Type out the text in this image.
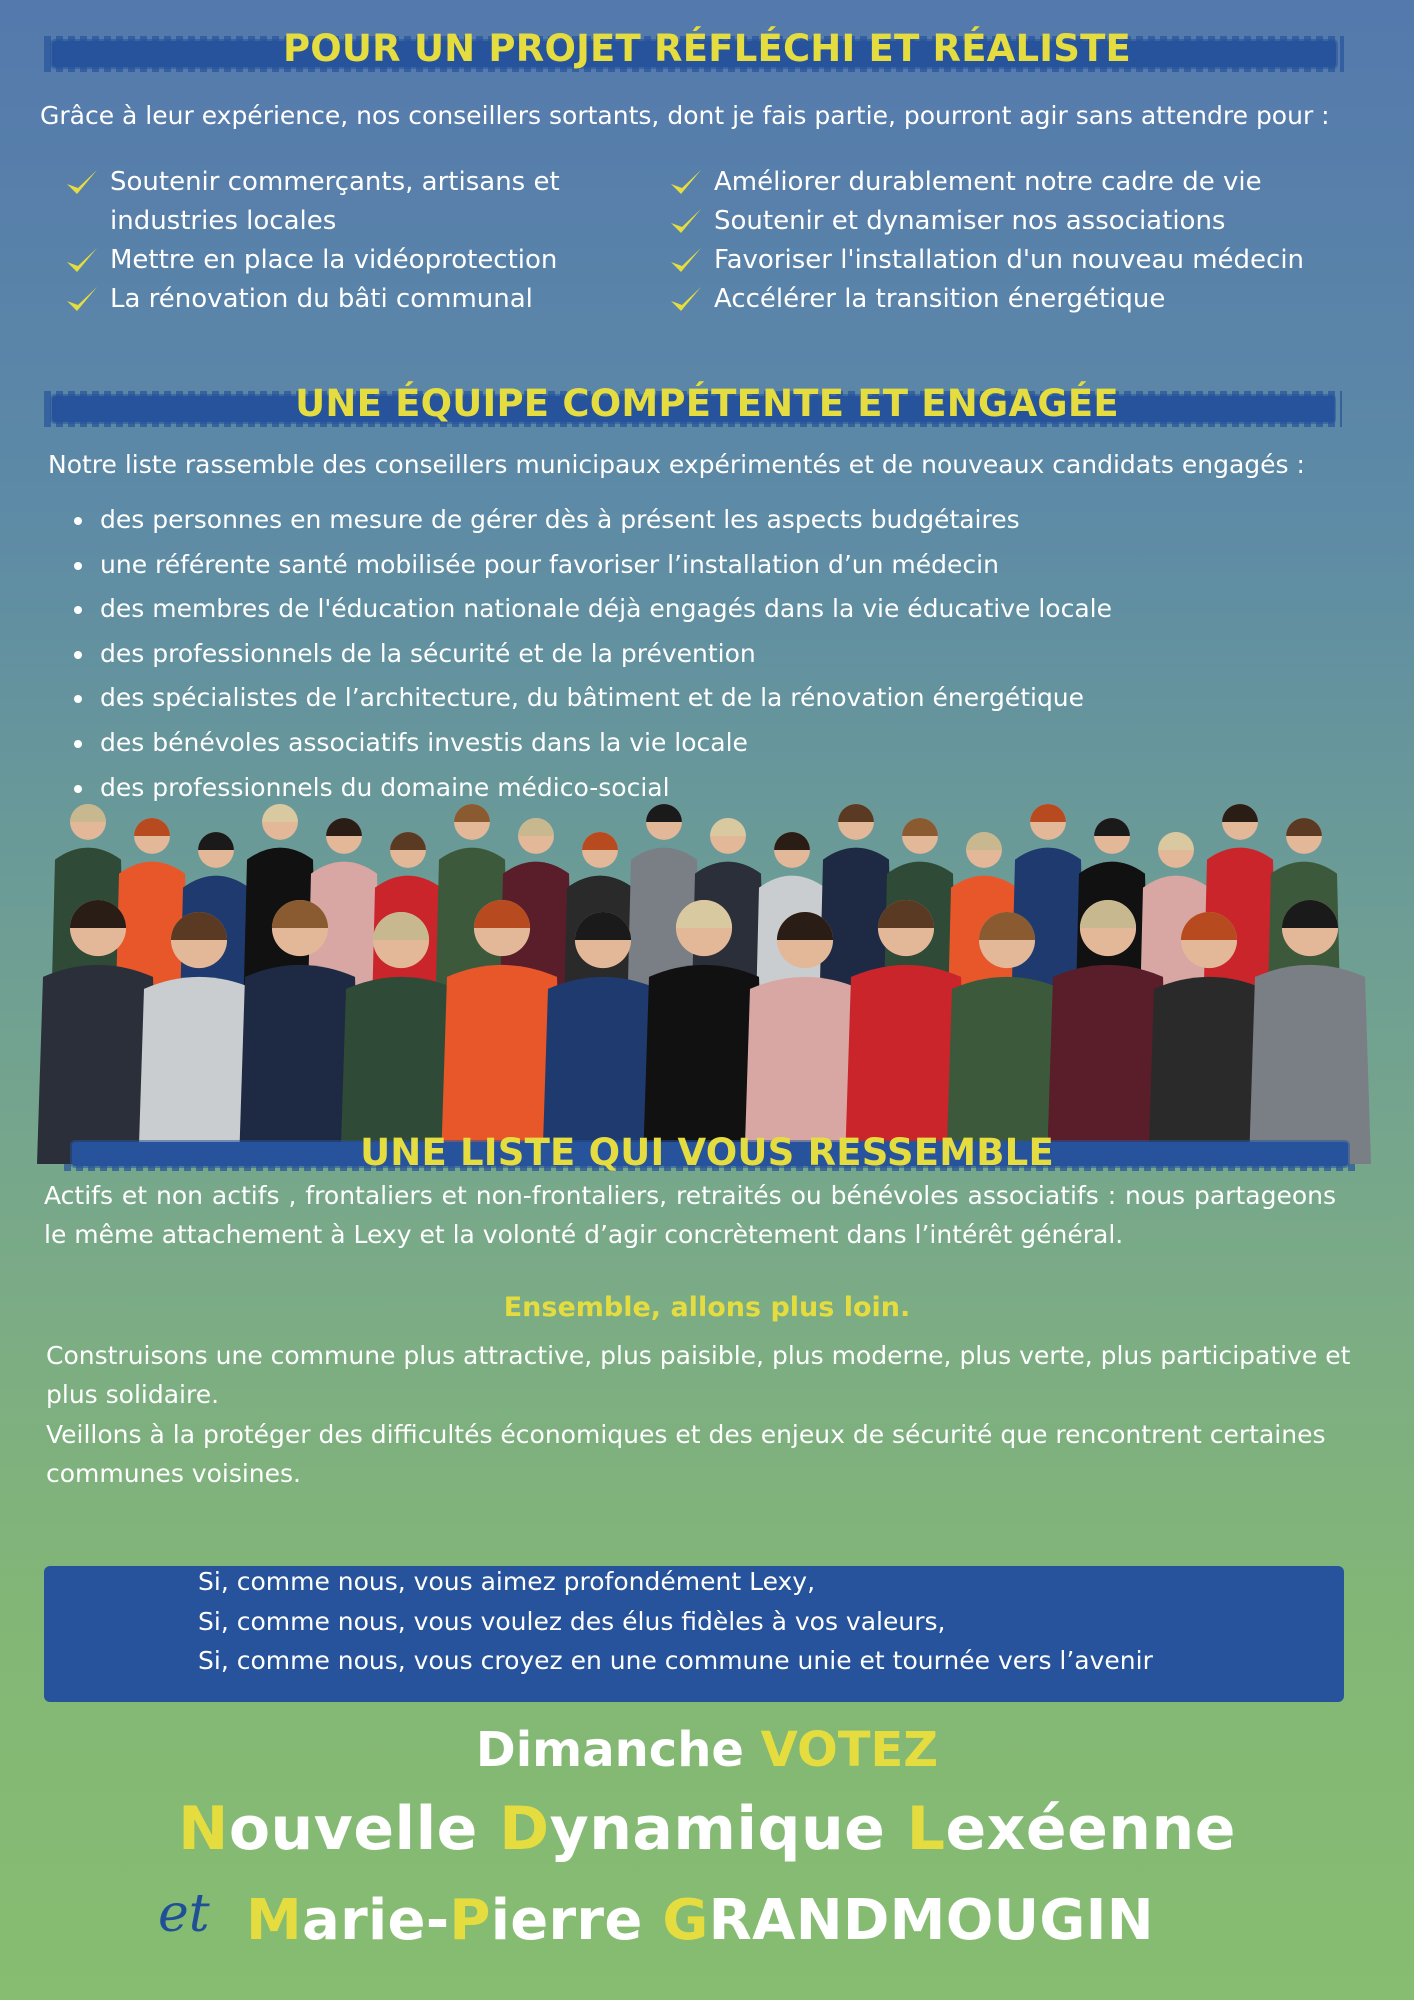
POUR UN PROJET RÉFLÉCHI ET RÉALISTE
Grâce à leur expérience, nos conseillers sortants, dont je fais partie, pourront agir sans attendre pour :
Soutenir commerçants, artisans et industries locales
Mettre en place la vidéoprotection
La rénovation du bâti communal
Améliorer durablement notre cadre de vie
Soutenir et dynamiser nos associations
Favoriser l'installation d'un nouveau médecin
Accélérer la transition énergétique
UNE ÉQUIPE COMPÉTENTE ET ENGAGÉE
Notre liste rassemble des conseillers municipaux expérimentés et de nouveaux candidats engagés :
• des personnes en mesure de gérer dès à présent les aspects budgétaires
• une référente santé mobilisée pour favoriser l’installation d’un médecin
• des membres de l'éducation nationale déjà engagés dans la vie éducative locale
• des professionnels de la sécurité et de la prévention
• des spécialistes de l’architecture, du bâtiment et de la rénovation énergétique
• des bénévoles associatifs investis dans la vie locale
• des professionnels du domaine médico-social
UNE LISTE QUI VOUS RESSEMBLE
Actifs et non actifs , frontaliers et non-frontaliers, retraités ou bénévoles associatifs : nous partageons le même attachement à Lexy et la volonté d’agir concrètement dans l’intérêt général.
Ensemble, allons plus loin.
Construisons une commune plus attractive, plus paisible, plus moderne, plus verte, plus participative et plus solidaire.
Veillons à la protéger des difficultés économiques et des enjeux de sécurité que rencontrent certaines communes voisines.
Si, comme nous, vous aimez profondément Lexy,
Si, comme nous, vous voulez des élus fidèles à vos valeurs,
Si, comme nous, vous croyez en une commune unie et tournée vers l’avenir
Dimanche VOTEZ
Nouvelle Dynamique Lexéenne
et Marie-Pierre GRANDMOUGIN
